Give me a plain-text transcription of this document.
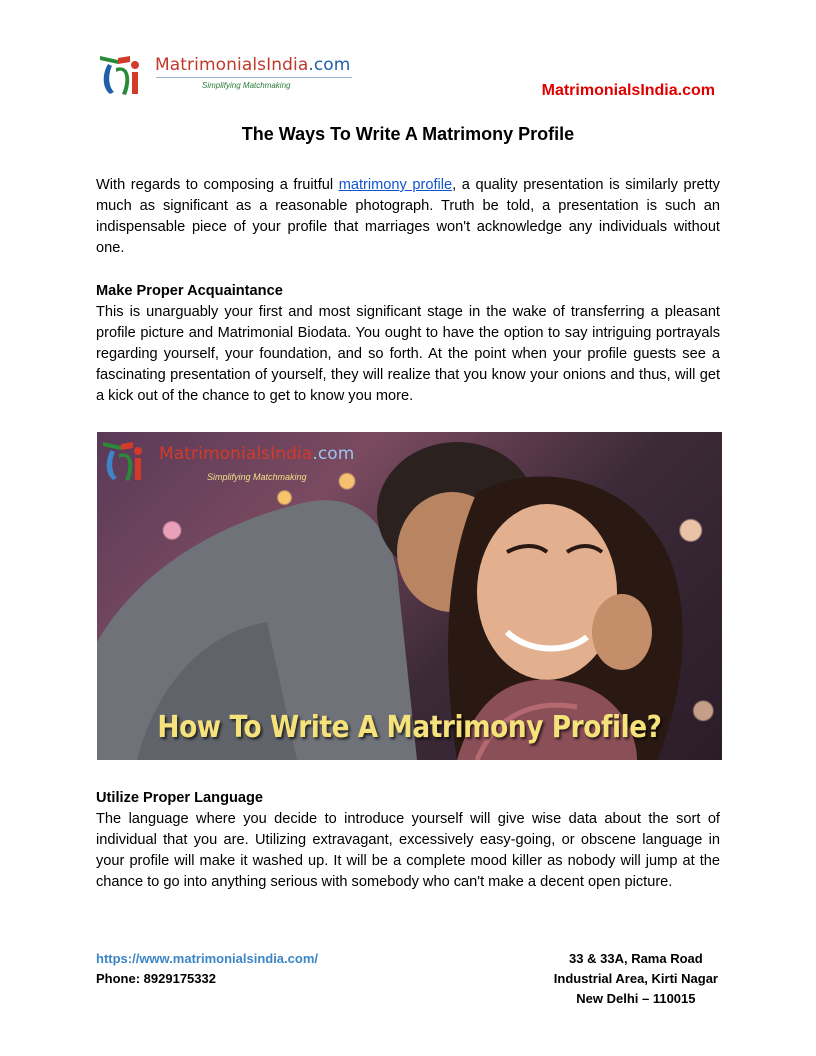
MatrimonialsIndia.com
Simplifying Matchmaking	MatrimonialsIndia.com
The Ways To Write A Matrimony Profile

With regards to composing a fruitful matrimony profile, a quality presentation is similarly pretty much as significant as a reasonable photograph. Truth be told, a presentation is such an indispensable piece of your profile that marriages won't acknowledge any individuals without one.

Make Proper Acquaintance

This is unarguably your first and most significant stage in the wake of transferring a pleasant profile picture and Matrimonial Biodata. You ought to have the option to say intriguing portrayals regarding yourself, your foundation, and so forth. At the point when your profile guests see a fascinating presentation of yourself, they will realize that you know your onions and thus, will get a kick out of the chance to get to know you more.

MatrimonialsIndia.com
Simplifying Matchmaking
How To Write A Matrimony Profile?
Utilize Proper Language

The language where you decide to introduce yourself will give wise data about the sort of individual that you are. Utilizing extravagant, excessively easy-going, or obscene language in your profile will make it washed up. It will be a complete mood killer as nobody will jump at the chance to go into anything serious with somebody who can't make a decent open picture.

https://www.matrimonialsindia.com/
Phone: 8929175332
33 & 33A, Rama Road
Industrial Area, Kirti Nagar
New Delhi – 110015
